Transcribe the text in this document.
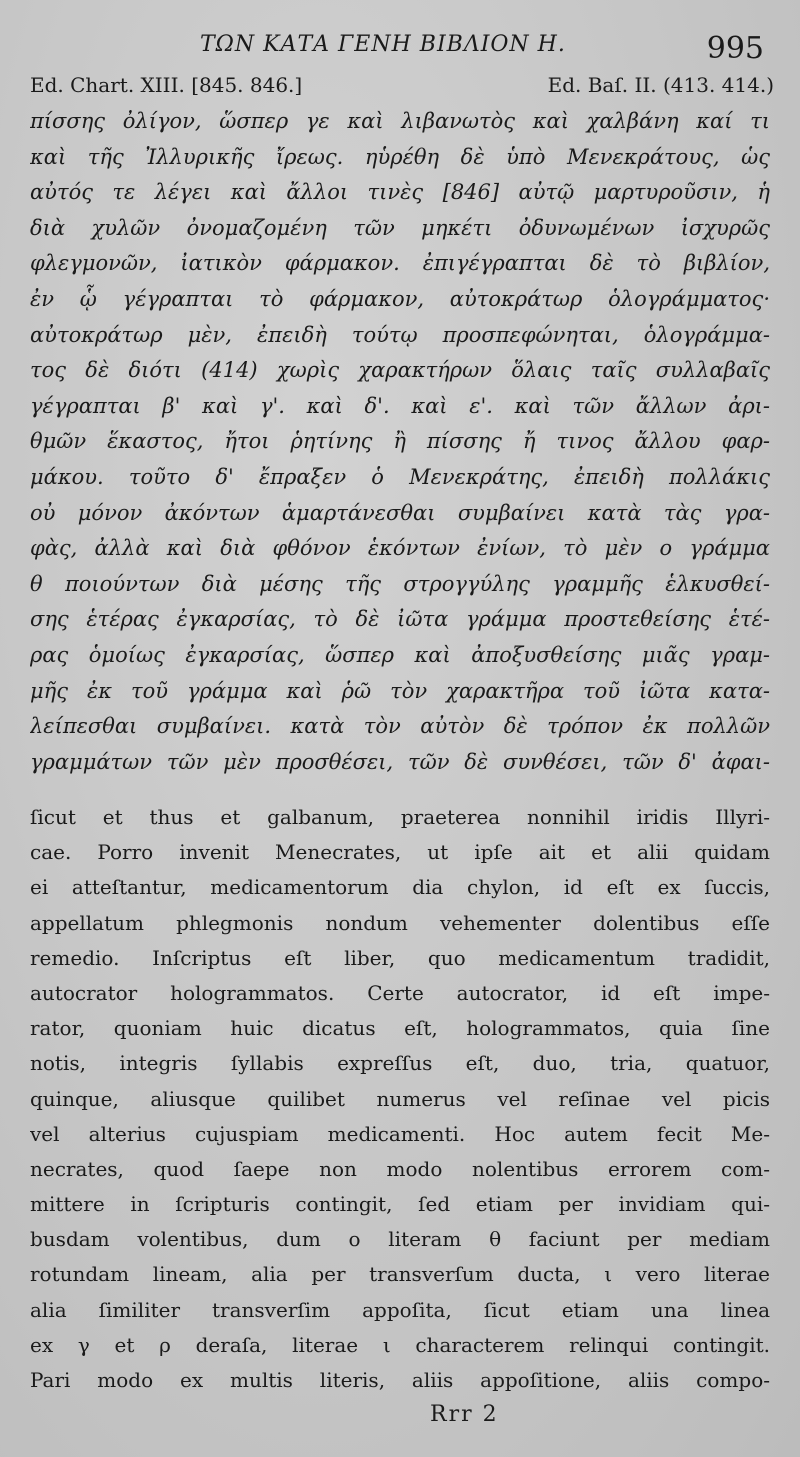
ΤΩΝ ΚΑΤΑ ΓΕΝΗ ΒΙΒΛΙΟΝ Η.	995
Ed. Chart. XIII. [845. 846.]	Ed. Baſ. II. (413. 414.)
πίσσης ὀλίγον, ὥσπερ γε καὶ λιβανωτὸς καὶ χαλβάνη καί τι
καὶ τῆς Ἰλλυρικῆς ἴρεως. ηὑρέθη δὲ ὑπὸ Μενεκράτους, ὡς
αὐτός τε λέγει καὶ ἄλλοι τινὲς [846] αὐτῷ μαρτυροῦσιν, ἡ
διὰ χυλῶν ὀνομαζομένη τῶν μηκέτι ὀδυνωμένων ἰσχυρῶς
φλεγμονῶν, ἰατικὸν φάρμακον. ἐπιγέγραπται δὲ τὸ βιβλίον,
ἐν ᾧ γέγραπται τὸ φάρμακον, αὐτοκράτωρ ὁλογράμματος·
αὐτοκράτωρ μὲν, ἐπειδὴ τούτῳ προσπεφώνηται, ὁλογράμμα-
τος δὲ διότι (414) χωρὶς χαρακτήρων ὅλαις ταῖς συλλαβαῖς
γέγραπται β' καὶ γ'. καὶ δ'. καὶ ε'. καὶ τῶν ἄλλων ἀρι-
θμῶν ἕκαστος, ἤτοι ῥητίνης ἢ πίσσης ἤ τινος ἄλλου φαρ-
μάκου. τοῦτο δ' ἔπραξεν ὁ Μενεκράτης, ἐπειδὴ πολλάκις
οὐ μόνον ἀκόντων ἁμαρτάνεσθαι συμβαίνει κατὰ τὰς γρα-
φὰς, ἀλλὰ καὶ διὰ φθόνον ἑκόντων ἐνίων, τὸ μὲν ο γράμμα
θ ποιούντων διὰ μέσης τῆς στρογγύλης γραμμῆς ἑλκυσθεί-
σης ἑτέρας ἐγκαρσίας, τὸ δὲ ἰῶτα γράμμα προστεθείσης ἑτέ-
ρας ὁμοίως ἐγκαρσίας, ὥσπερ καὶ ἀποξυσθείσης μιᾶς γραμ-
μῆς ἐκ τοῦ γράμμα καὶ ῥῶ τὸν χαρακτῆρα τοῦ ἰῶτα κατα-
λείπεσθαι συμβαίνει. κατὰ τὸν αὐτὸν δὲ τρόπον ἐκ πολλῶν
γραμμάτων τῶν μὲν προσθέσει, τῶν δὲ συνθέσει, τῶν δ' ἀφαι-
ſicut et thus et galbanum, praeterea nonnihil iridis Illyri-
cae. Porro invenit Menecrates, ut ipſe ait et alii quidam
ei atteſtantur, medicamentorum dia chylon, id eſt ex ſuccis,
appellatum phlegmonis nondum vehementer dolentibus eſſe
remedio. Inſcriptus eſt liber, quo medicamentum tradidit,
autocrator hologrammatos. Certe autocrator, id eſt impe-
rator, quoniam huic dicatus eſt, hologrammatos, quia ſine
notis, integris ſyllabis expreſſus eſt, duo, tria, quatuor,
quinque, aliusque quilibet numerus vel reſinae vel picis
vel alterius cujuspiam medicamenti. Hoc autem fecit Me-
necrates, quod ſaepe non modo nolentibus errorem com-
mittere in ſcripturis contingit, ſed etiam per invidiam qui-
busdam volentibus, dum o literam θ faciunt per mediam
rotundam lineam, alia per transverſum ducta, ι vero literae
alia ſimiliter transverſim appoſita, ſicut etiam una linea
ex γ et ρ deraſa, literae ι characterem relinqui contingit.
Pari modo ex multis literis, aliis appoſitione, aliis compo-
Rrr 2
